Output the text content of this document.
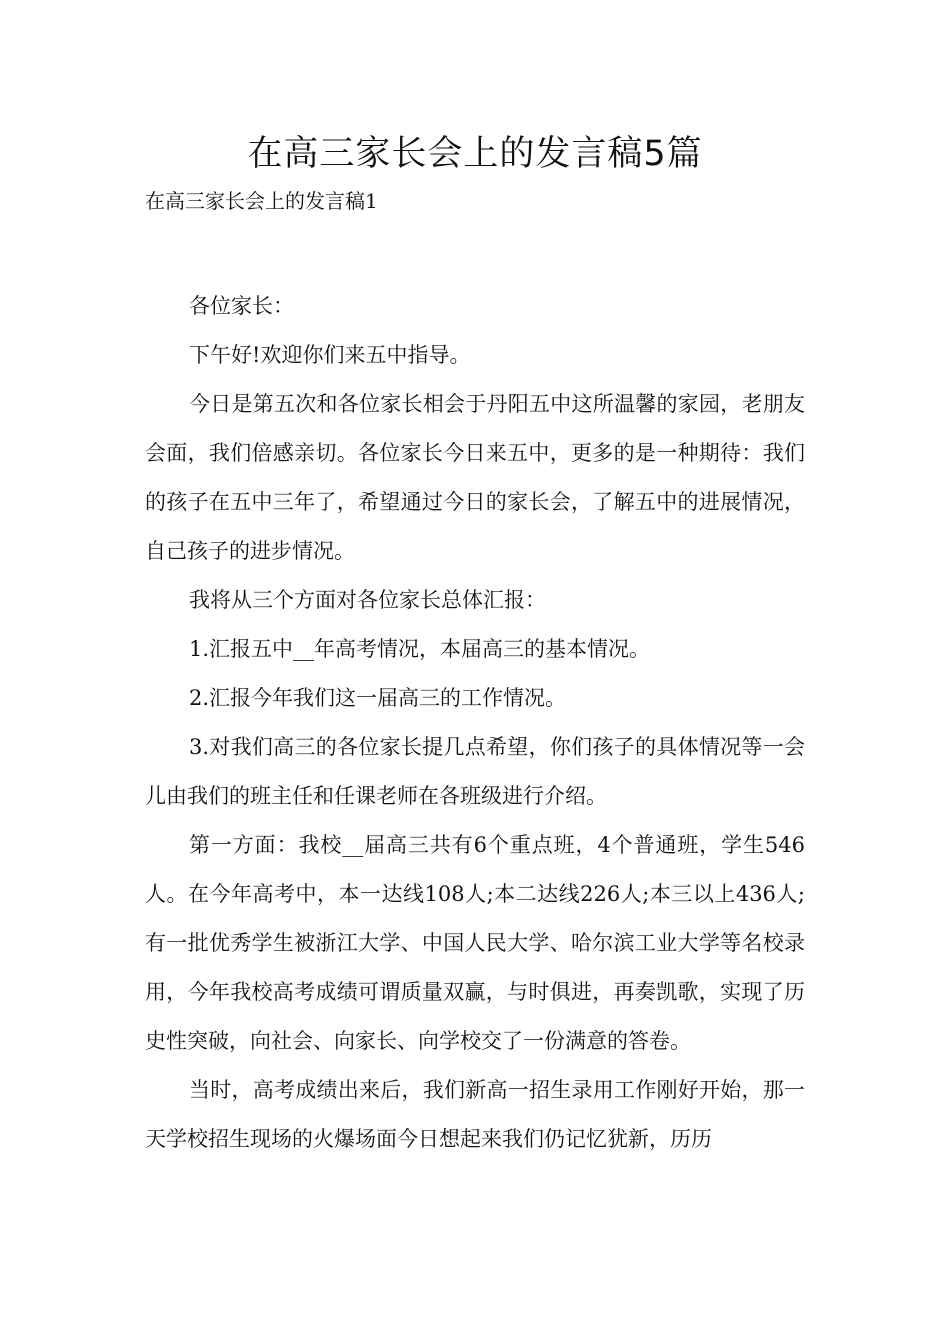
在高三家长会上的发言稿5篇

在高三家长会上的发言稿1

各位家长：

下午好!欢迎你们来五中指导。

今日是第五次和各位家长相会于丹阳五中这所温馨的家园，老朋友会面，我们倍感亲切。各位家长今日来五中，更多的是一种期待：我们的孩子在五中三年了，希望通过今日的家长会，了解五中的进展情况，自己孩子的进步情况。

我将从三个方面对各位家长总体汇报：

1.汇报五中__年高考情况，本届高三的基本情况。

2.汇报今年我们这一届高三的工作情况。

3.对我们高三的各位家长提几点希望，你们孩子的具体情况等一会儿由我们的班主任和任课老师在各班级进行介绍。

第一方面：我校__届高三共有6个重点班，4个普通班，学生546人。在今年高考中，本一达线108人;本二达线226人;本三以上436人;有一批优秀学生被浙江大学、中国人民大学、哈尔滨工业大学等名校录用，今年我校高考成绩可谓质量双赢，与时俱进，再奏凯歌，实现了历史性突破，向社会、向家长、向学校交了一份满意的答卷。

当时，高考成绩出来后，我们新高一招生录用工作刚好开始，那一天学校招生现场的火爆场面今日想起来我们仍记忆犹新，历历
